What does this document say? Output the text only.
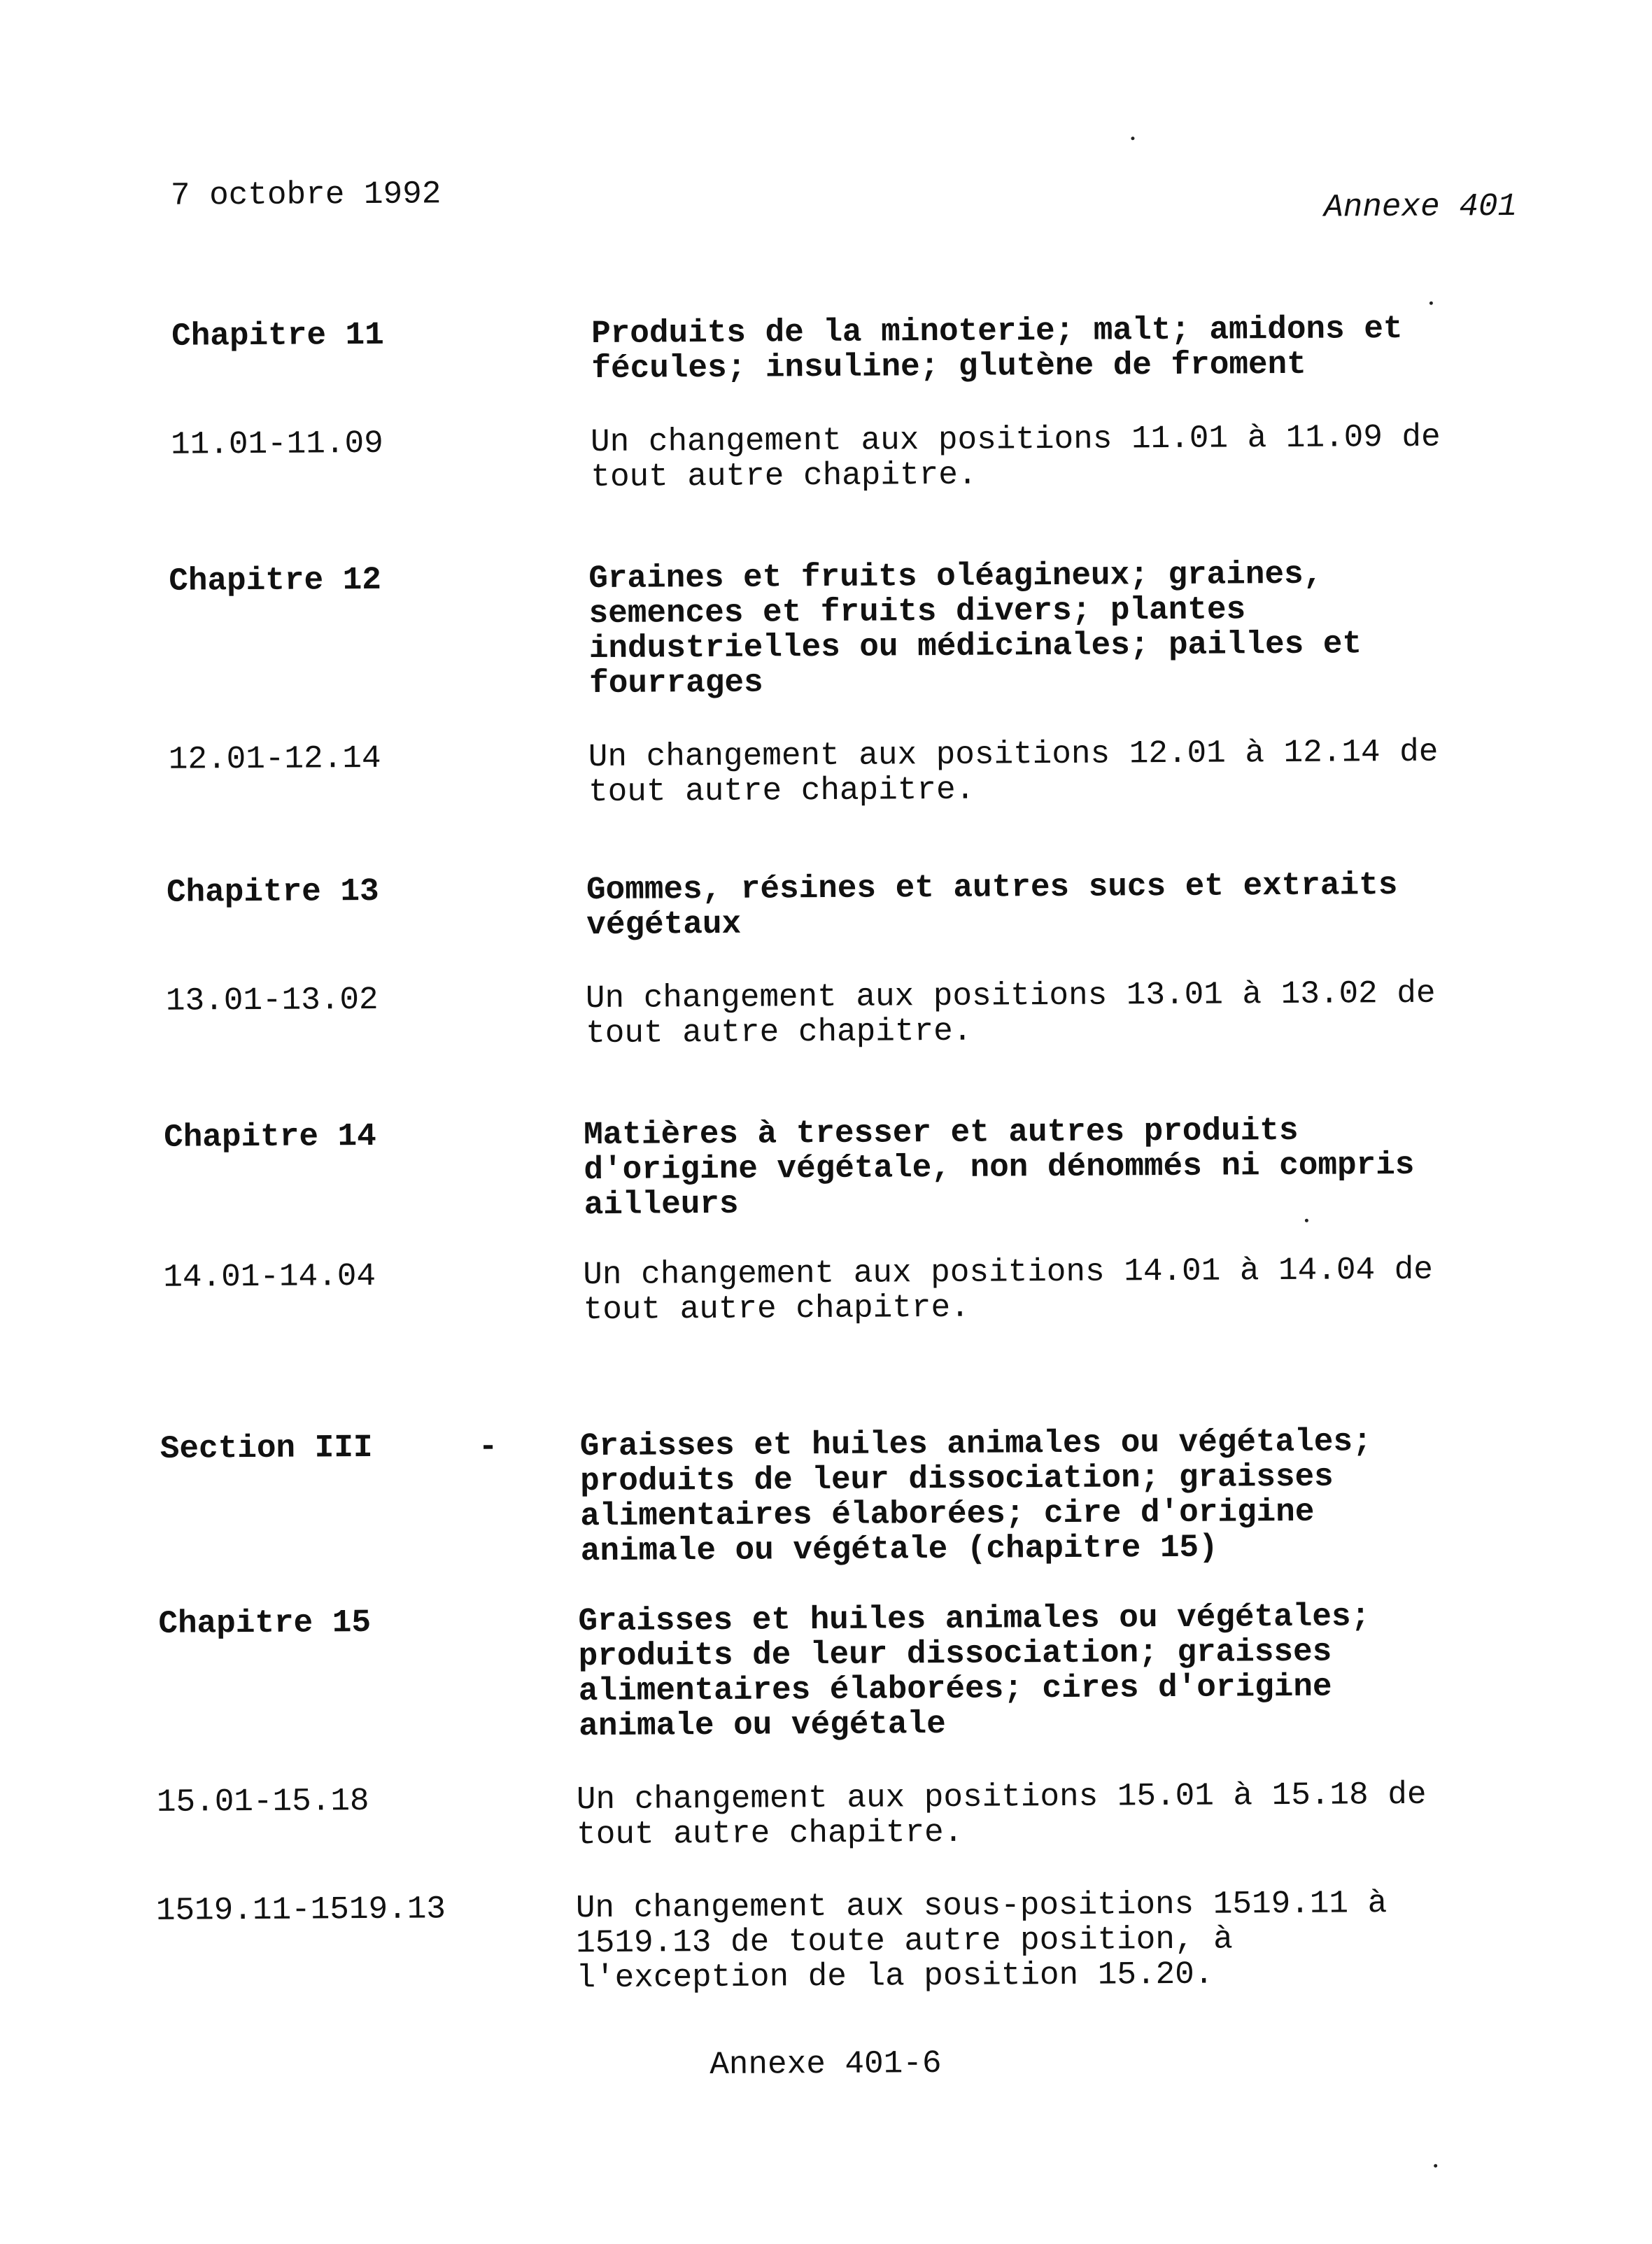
7 octobre 1992	Annexe 401
Chapitre 11	Produits de la minoterie; malt; amidons et
fécules; insuline; glutène de froment
11.01-11.09	Un changement aux positions 11.01 à 11.09 de
tout autre chapitre.
Chapitre 12	Graines et fruits oléagineux; graines,
semences et fruits divers; plantes
industrielles ou médicinales; pailles et
fourrages
12.01-12.14	Un changement aux positions 12.01 à 12.14 de
tout autre chapitre.
Chapitre 13	Gommes, résines et autres sucs et extraits
végétaux
13.01-13.02	Un changement aux positions 13.01 à 13.02 de
tout autre chapitre.
Chapitre 14	Matières à tresser et autres produits
d'origine végétale, non dénommés ni compris
ailleurs
14.01-14.04	Un changement aux positions 14.01 à 14.04 de
tout autre chapitre.
Section III	-	Graisses et huiles animales ou végétales;
produits de leur dissociation; graisses
alimentaires élaborées; cire d'origine
animale ou végétale (chapitre 15)
Chapitre 15	Graisses et huiles animales ou végétales;
produits de leur dissociation; graisses
alimentaires élaborées; cires d'origine
animale ou végétale
15.01-15.18	Un changement aux positions 15.01 à 15.18 de
tout autre chapitre.
1519.11-1519.13	Un changement aux sous-positions 1519.11 à
1519.13 de toute autre position, à
l'exception de la position 15.20.
Annexe 401-6
